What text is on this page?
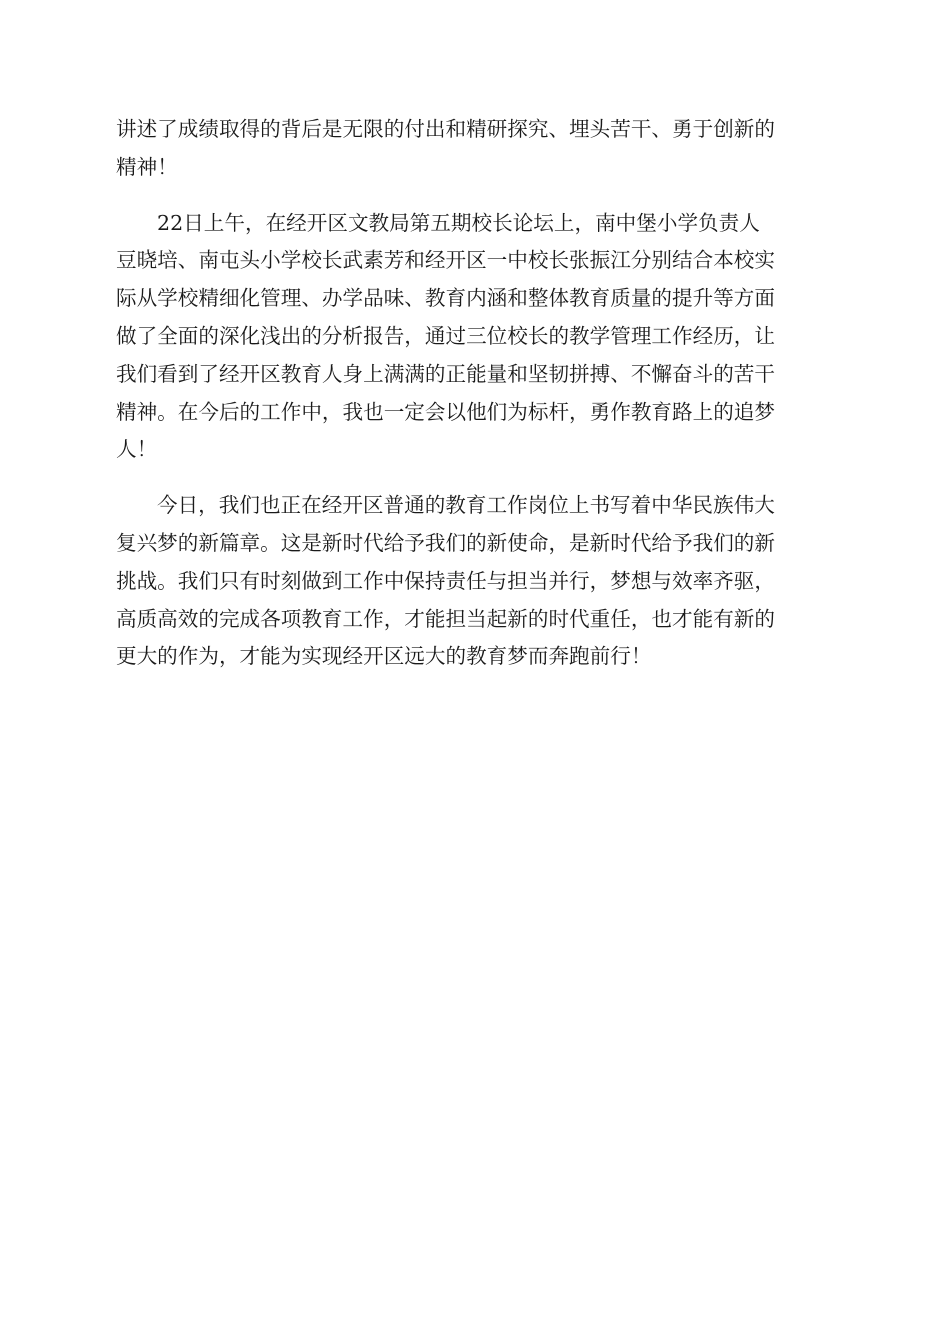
讲述了成绩取得的背后是无限的付出和精研探究、埋头苦干、勇于创新的
精神！

22日上午，在经开区文教局第五期校长论坛上，南中堡小学负责人
豆晓培、南屯头小学校长武素芳和经开区一中校长张振江分别结合本校实
际从学校精细化管理、办学品味、教育内涵和整体教育质量的提升等方面
做了全面的深化浅出的分析报告，通过三位校长的教学管理工作经历，让
我们看到了经开区教育人身上满满的正能量和坚韧拼搏、不懈奋斗的苦干
精神。在今后的工作中，我也一定会以他们为标杆，勇作教育路上的追梦
人！

今日，我们也正在经开区普通的教育工作岗位上书写着中华民族伟大
复兴梦的新篇章。这是新时代给予我们的新使命，是新时代给予我们的新
挑战。我们只有时刻做到工作中保持责任与担当并行，梦想与效率齐驱，
高质高效的完成各项教育工作，才能担当起新的时代重任，也才能有新的
更大的作为，才能为实现经开区远大的教育梦而奔跑前行！
